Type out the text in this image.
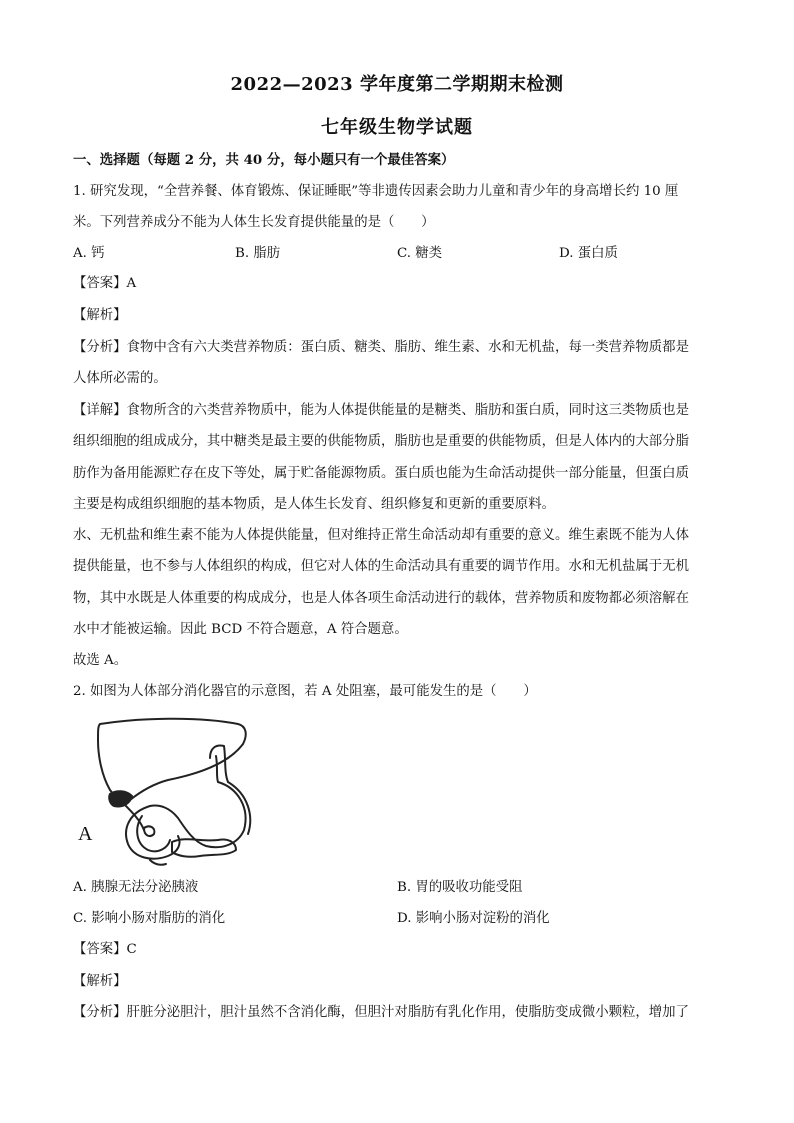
2022—2023 学年度第二学期期末检测
七年级生物学试题
一、选择题（每题 2 分，共 40 分，每小题只有一个最佳答案）
1. 研究发现，“全营养餐、体育锻炼、保证睡眠”等非遗传因素会助力儿童和青少年的身高增长约 10 厘
米。下列营养成分不能为人体生长发育提供能量的是（　　）
A. 钙	B. 脂肪	C. 糖类	D. 蛋白质
【答案】A
【解析】
【分析】食物中含有六大类营养物质：蛋白质、糖类、脂肪、维生素、水和无机盐，每一类营养物质都是
人体所必需的。
【详解】食物所含的六类营养物质中，能为人体提供能量的是糖类、脂肪和蛋白质，同时这三类物质也是
组织细胞的组成成分，其中糖类是最主要的供能物质，脂肪也是重要的供能物质，但是人体内的大部分脂
肪作为备用能源贮存在皮下等处，属于贮备能源物质。蛋白质也能为生命活动提供一部分能量，但蛋白质
主要是构成组织细胞的基本物质，是人体生长发育、组织修复和更新的重要原料。
水、无机盐和维生素不能为人体提供能量，但对维持正常生命活动却有重要的意义。维生素既不能为人体
提供能量，也不参与人体组织的构成，但它对人体的生命活动具有重要的调节作用。水和无机盐属于无机
物，其中水既是人体重要的构成成分，也是人体各项生命活动进行的载体，营养物质和废物都必须溶解在
水中才能被运输。因此 BCD 不符合题意，A 符合题意。
故选 A。
2. 如图为人体部分消化器官的示意图，若 A 处阻塞，最可能发生的是（　　）
A
A. 胰腺无法分泌胰液	B. 胃的吸收功能受阻
C. 影响小肠对脂肪的消化	D. 影响小肠对淀粉的消化
【答案】C
【解析】
【分析】肝脏分泌胆汁，胆汁虽然不含消化酶，但胆汁对脂肪有乳化作用，使脂肪变成微小颗粒，增加了
